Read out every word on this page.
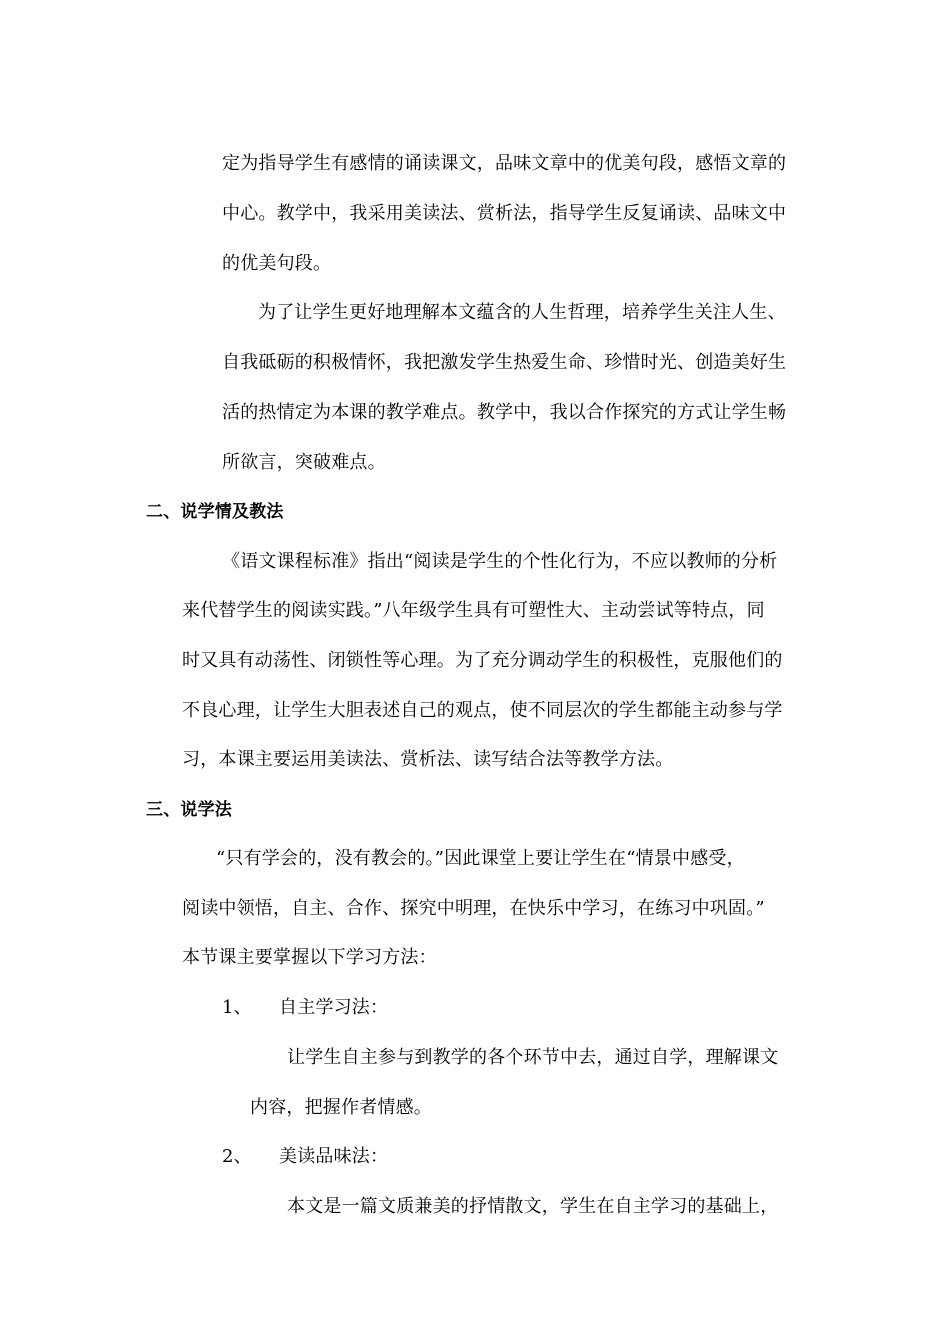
定为指导学生有感情的诵读课文，品味文章中的优美句段，感悟文章的
中心。教学中，我采用美读法、赏析法，指导学生反复诵读、品味文中
的优美句段。
为了让学生更好地理解本文蕴含的人生哲理，培养学生关注人生、
自我砥砺的积极情怀，我把激发学生热爱生命、珍惜时光、创造美好生
活的热情定为本课的教学难点。教学中，我以合作探究的方式让学生畅
所欲言，突破难点。
二、说学情及教法
《语文课程标准》指出“阅读是学生的个性化行为，不应以教师的分析
来代替学生的阅读实践。”八年级学生具有可塑性大、主动尝试等特点，同
时又具有动荡性、闭锁性等心理。为了充分调动学生的积极性，克服他们的
不良心理，让学生大胆表述自己的观点，使不同层次的学生都能主动参与学
习，本课主要运用美读法、赏析法、读写结合法等教学方法。
三、说学法
“只有学会的，没有教会的。”因此课堂上要让学生在“情景中感受，
阅读中领悟，自主、合作、探究中明理，在快乐中学习，在练习中巩固。”
本节课主要掌握以下学习方法：
1、 自主学习法：
让学生自主参与到教学的各个环节中去，通过自学，理解课文
内容，把握作者情感。
2、 美读品味法：
本文是一篇文质兼美的抒情散文，学生在自主学习的基础上，
